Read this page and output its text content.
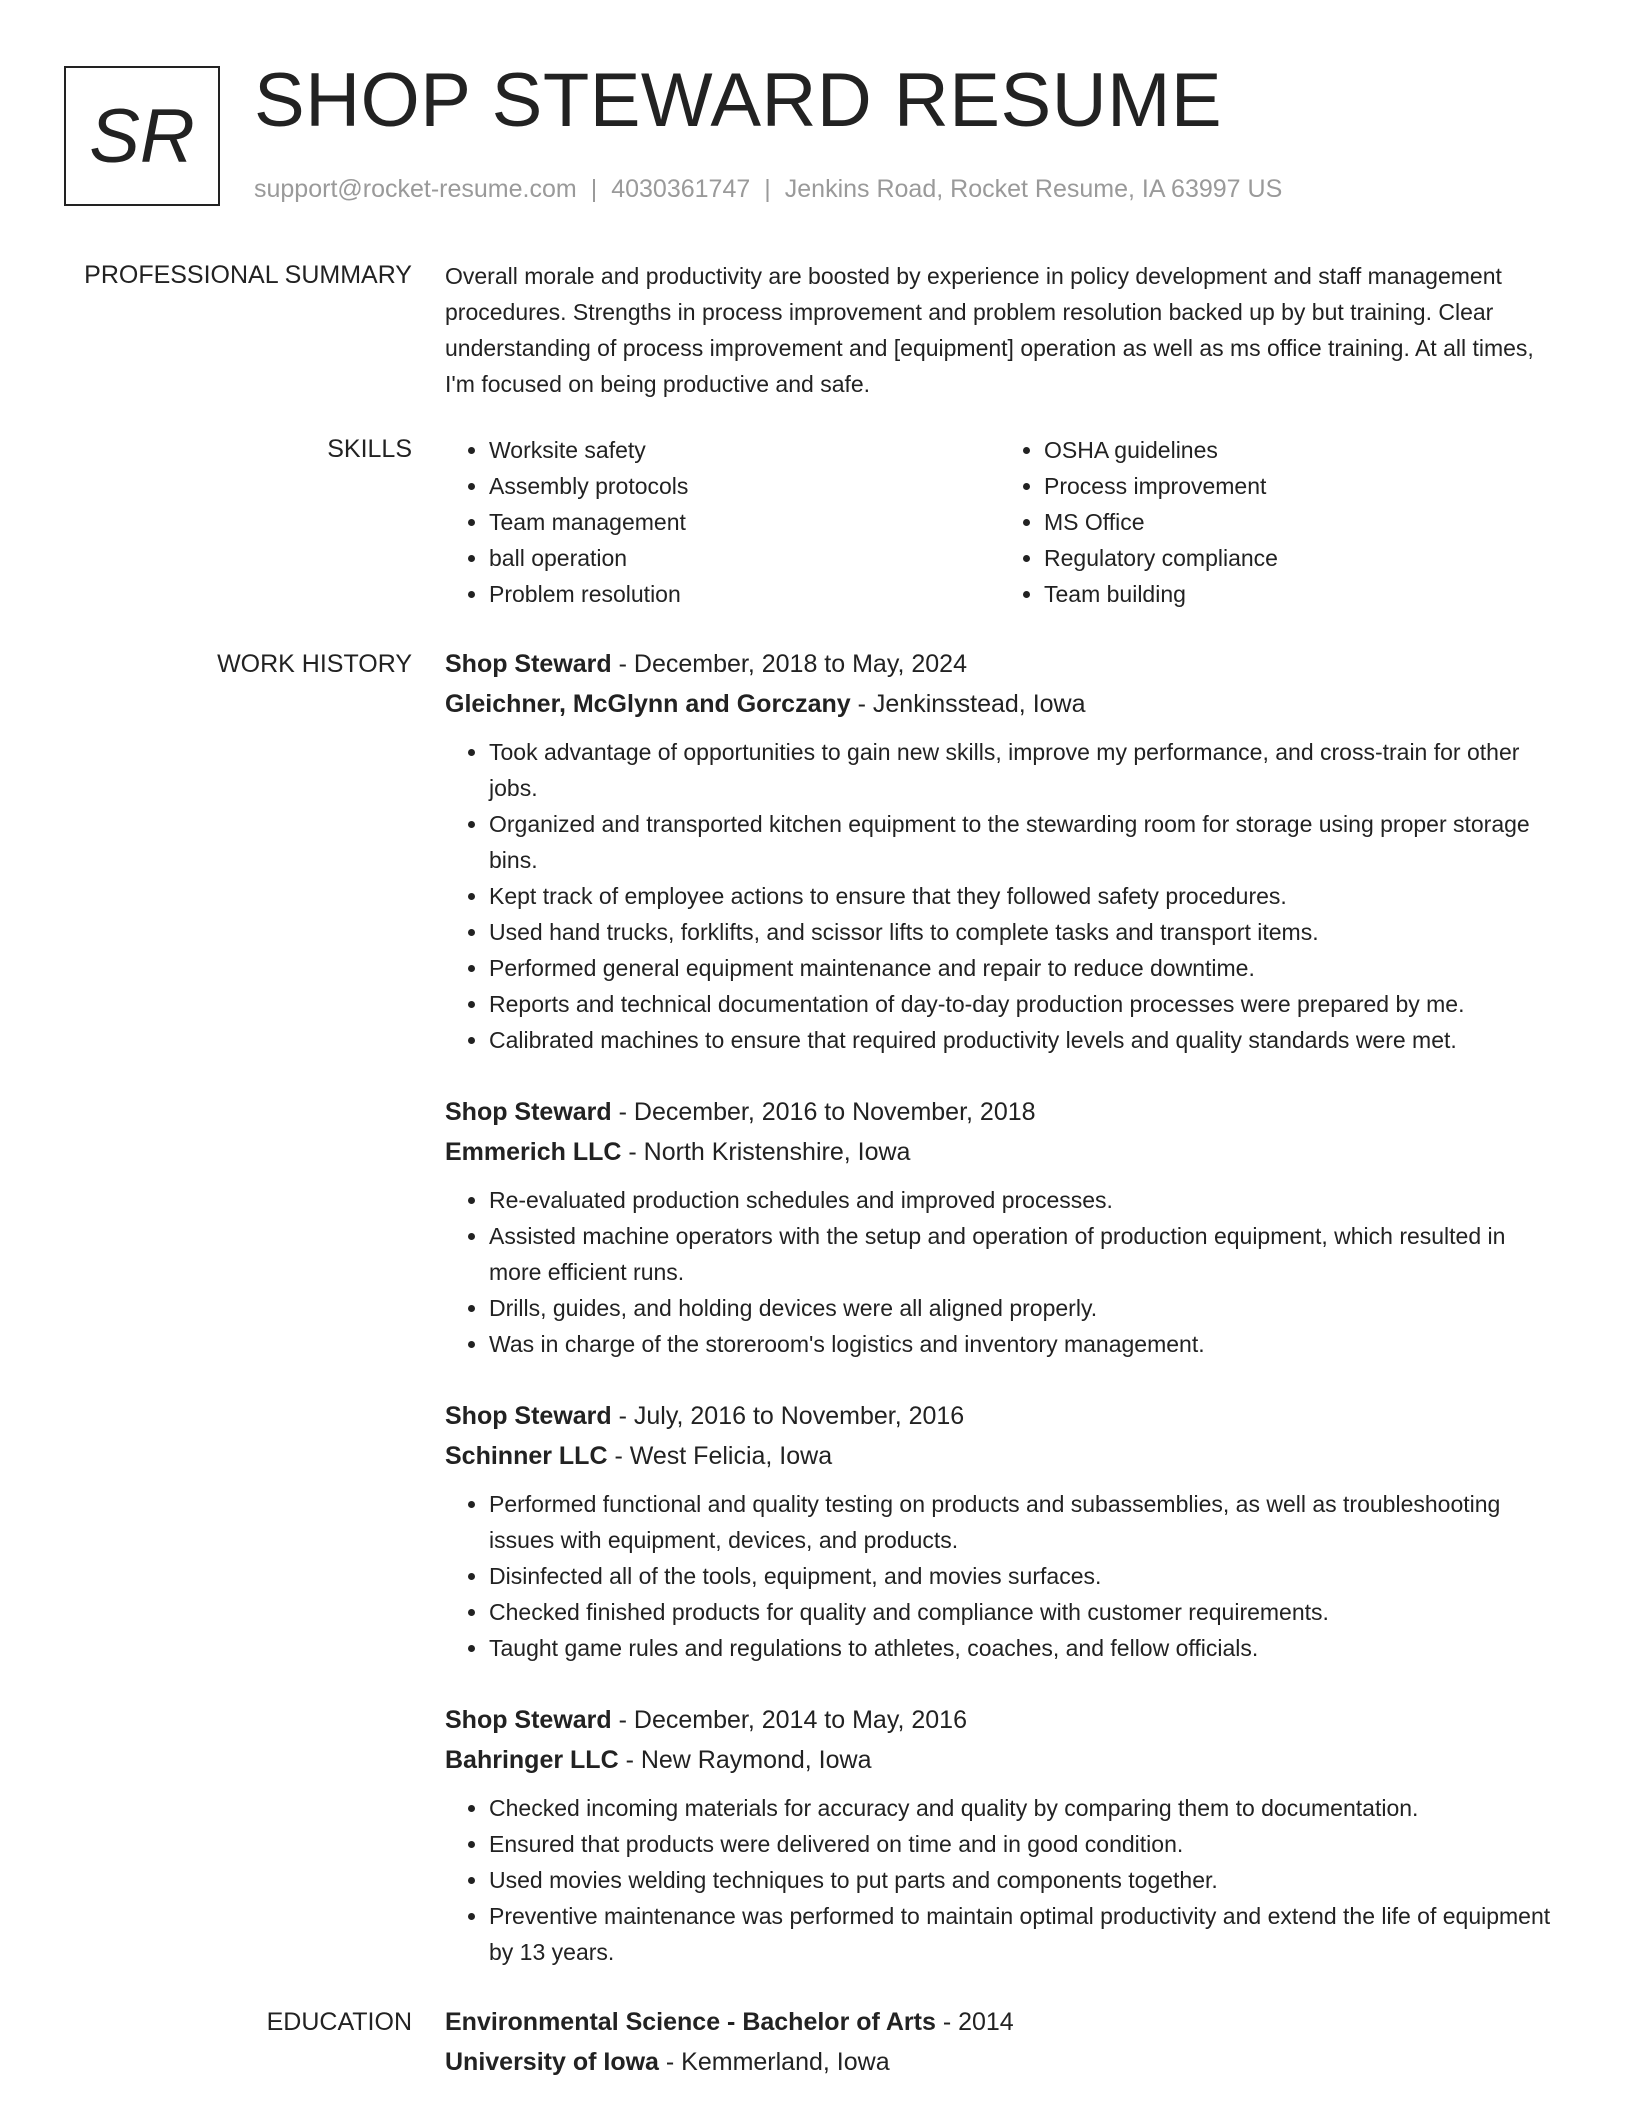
SR SHOP STEWARD RESUME
support@rocket-resume.com | 4030361747 | Jenkins Road, Rocket Resume, IA 63997 US
PROFESSIONAL SUMMARY Overall morale and productivity are boosted by experience in policy development and staff management procedures. Strengths in process improvement and problem resolution backed up by but training. Clear understanding of process improvement and [equipment] operation as well as ms office training. At all times, I'm focused on being productive and safe.

SKILLS
•	Worksite safety
• Assembly protocols
• Team management
• ball operation
• Problem resolution
• OSHA guidelines
• Process improvement
• MS Office
• Regulatory compliance
• Team building
WORK HISTORY Shop Steward - December, 2018 to May, 2024
Gleichner, McGlynn and Gorczany - Jenkinsstead, Iowa
• Took advantage of opportunities to gain new skills, improve my performance, and cross-train for other jobs.
• Organized and transported kitchen equipment to the stewarding room for storage using proper storage bins.
• Kept track of employee actions to ensure that they followed safety procedures.
• Used hand trucks, forklifts, and scissor lifts to complete tasks and transport items.
• Performed general equipment maintenance and repair to reduce downtime.
• Reports and technical documentation of day-to-day production processes were prepared by me.
• Calibrated machines to ensure that required productivity levels and quality standards were met.
Shop Steward - December, 2016 to November, 2018
Emmerich LLC - North Kristenshire, Iowa
• Re-evaluated production schedules and improved processes.
• Assisted machine operators with the setup and operation of production equipment, which resulted in more efficient runs.
• Drills, guides, and holding devices were all aligned properly.
• Was in charge of the storeroom's logistics and inventory management.
Shop Steward - July, 2016 to November, 2016
Schinner LLC - West Felicia, Iowa
• Performed functional and quality testing on products and subassemblies, as well as troubleshooting issues with equipment, devices, and products.
• Disinfected all of the tools, equipment, and movies surfaces.
• Checked finished products for quality and compliance with customer requirements.
• Taught game rules and regulations to athletes, coaches, and fellow officials.
Shop Steward - December, 2014 to May, 2016
Bahringer LLC - New Raymond, Iowa
• Checked incoming materials for accuracy and quality by comparing them to documentation.
• Ensured that products were delivered on time and in good condition.
• Used movies welding techniques to put parts and components together.
• Preventive maintenance was performed to maintain optimal productivity and extend the life of equipment by 13 years.
EDUCATION Environmental Science - Bachelor of Arts - 2014
University of Iowa - Kemmerland, Iowa
